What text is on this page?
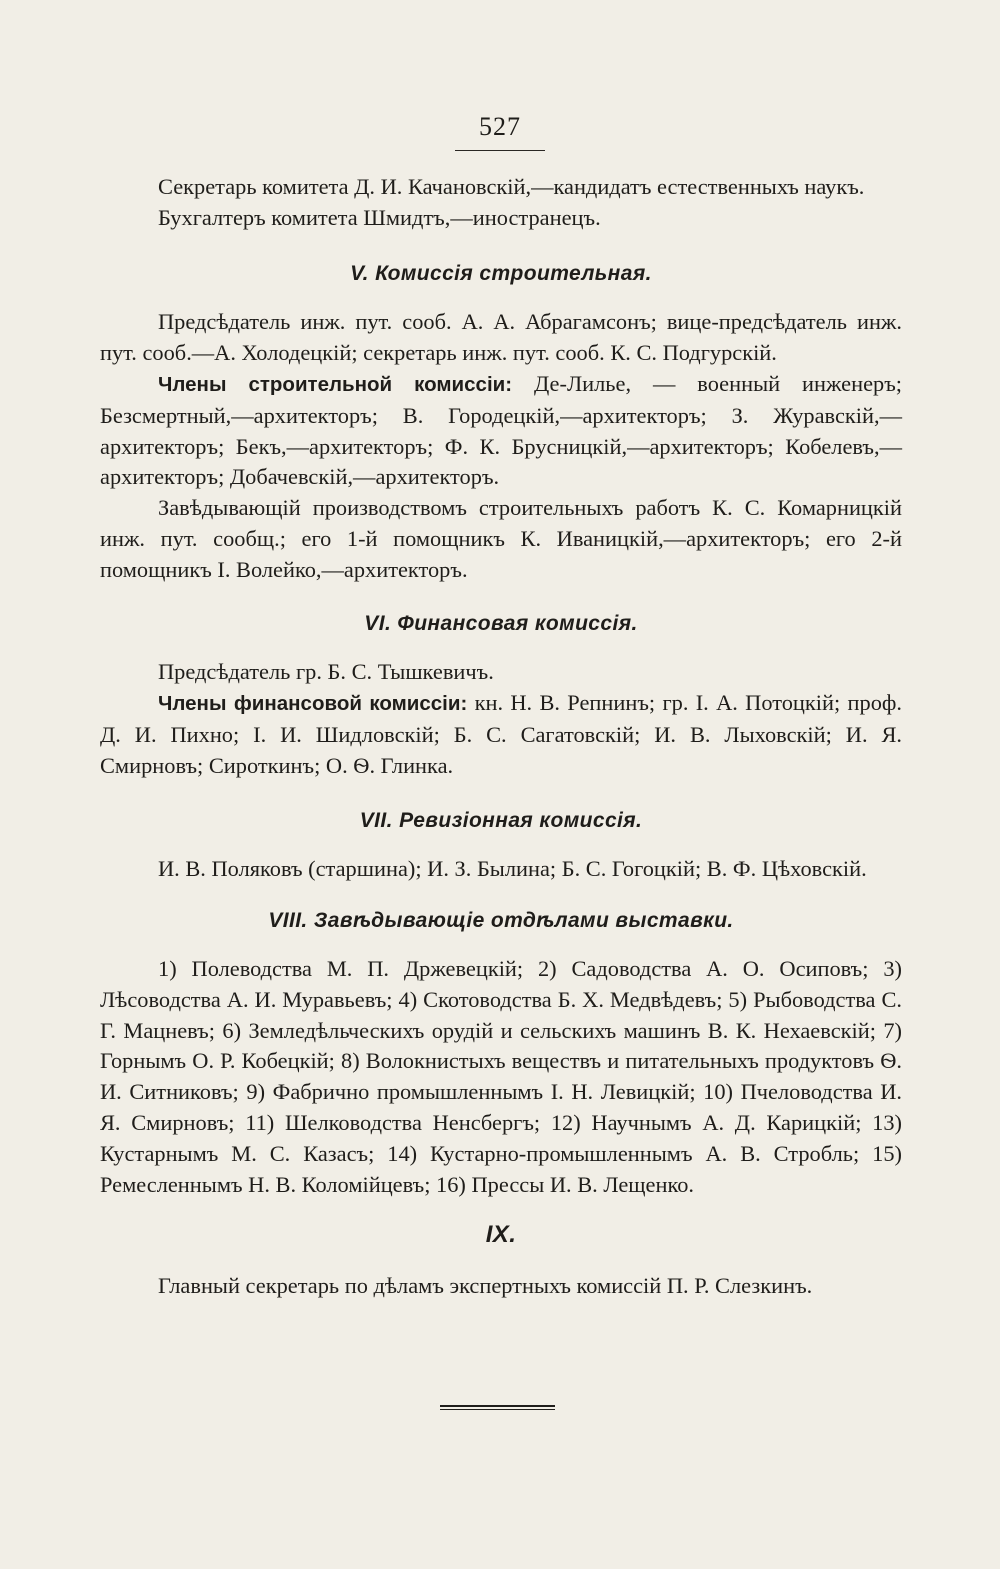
527

Секретарь комитета Д. И. Качановскій,—кандидатъ естественныхъ наукъ.

Бухгалтеръ комитета Шмидтъ,—иностранецъ.

V. Комиссія строительная.

Предсѣдатель инж. пут. сооб. А. А. Абрагамсонъ; вице-предсѣдатель инж. пут. сооб.—А. Холодецкій; секретарь инж. пут. сооб. К. С. Подгурскій.

Члены строительной комиссіи: Де-Лилье, — военный инженеръ; Безсмертный,—архитекторъ; В. Городецкій,—архитекторъ; З. Журавскій,—архитекторъ; Бекъ,—архитекторъ; Ф. К. Брусницкій,—архитекторъ; Кобелевъ,—архитекторъ; Добачевскій,—архитекторъ.

Завѣдывающій производствомъ строительныхъ работъ К. С. Комарницкій инж. пут. сообщ.; его 1-й помощникъ К. Иваницкій,—архитекторъ; его 2-й помощникъ І. Волейко,—архитекторъ.

VI. Финансовая комиссія.

Предсѣдатель гр. Б. С. Тышкевичъ.

Члены финансовой комиссіи: кн. Н. В. Репнинъ; гр. І. А. Потоцкій; проф. Д. И. Пихно; І. И. Шидловскій; Б. С. Сагатовскій; И. В. Лыховскій; И. Я. Смирновъ; Сироткинъ; О. Ѳ. Глинка.

VII. Ревизіонная комиссія.

И. В. Поляковъ (старшина); И. З. Былина; Б. С. Гогоцкій; В. Ф. Цѣховскій.

VIII. Завѣдывающіе отдѣлами выставки.

1) Полеводства М. П. Држевецкій; 2) Садоводства А. О. Осиповъ; 3) Лѣсоводства А. И. Муравьевъ; 4) Скотоводства Б. Х. Медвѣдевъ; 5) Рыбоводства С. Г. Мацневъ; 6) Земледѣльческихъ орудій и сельскихъ машинъ В. К. Нехаевскій; 7) Горнымъ О. Р. Кобецкій; 8) Волокнистыхъ веществъ и питательныхъ продуктовъ Ѳ. И. Ситниковъ; 9) Фабрично промышленнымъ І. Н. Левицкій; 10) Пчеловодства И. Я. Смирновъ; 11) Шелководства Ненсбергъ; 12) Научнымъ А. Д. Карицкій; 13) Кустарнымъ М. С. Казасъ; 14) Кустарно-промышленнымъ А. В. Стробль; 15) Ремесленнымъ Н. В. Коломійцевъ; 16) Прессы И. В. Лещенко.

IX.

Главный секретарь по дѣламъ экспертныхъ комиссій П. Р. Слезкинъ.
